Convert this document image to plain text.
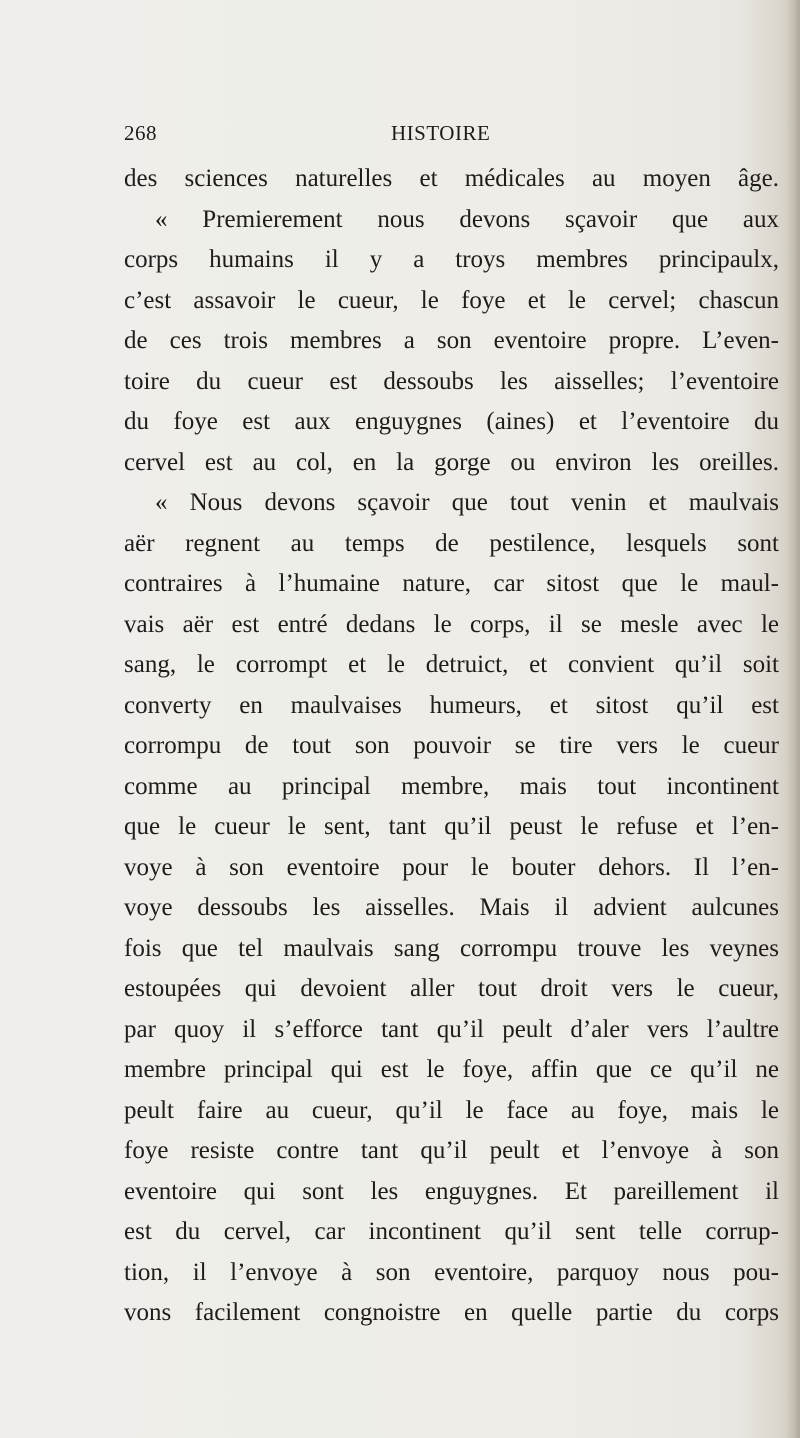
268	HISTOIRE
des sciences naturelles et médicales au moyen âge.
« Premierement nous devons sçavoir que aux
corps humains il y a troys membres principaulx,
c’est assavoir le cueur, le foye et le cervel; chascun
de ces trois membres a son eventoire propre. L’even-
toire du cueur est dessoubs les aisselles; l’eventoire
du foye est aux enguygnes (aines) et l’eventoire du
cervel est au col, en la gorge ou environ les oreilles.
« Nous devons sçavoir que tout venin et maulvais
aër regnent au temps de pestilence, lesquels sont
contraires à l’humaine nature, car sitost que le maul-
vais aër est entré dedans le corps, il se mesle avec le
sang, le corrompt et le detruict, et convient qu’il soit
converty en maulvaises humeurs, et sitost qu’il est
corrompu de tout son pouvoir se tire vers le cueur
comme au principal membre, mais tout incontinent
que le cueur le sent, tant qu’il peust le refuse et l’en-
voye à son eventoire pour le bouter dehors. Il l’en-
voye dessoubs les aisselles. Mais il advient aulcunes
fois que tel maulvais sang corrompu trouve les veynes
estoupées qui devoient aller tout droit vers le cueur,
par quoy il s’efforce tant qu’il peult d’aler vers l’aultre
membre principal qui est le foye, affin que ce qu’il ne
peult faire au cueur, qu’il le face au foye, mais le
foye resiste contre tant qu’il peult et l’envoye à son
eventoire qui sont les enguygnes. Et pareillement il
est du cervel, car incontinent qu’il sent telle corrup-
tion, il l’envoye à son eventoire, parquoy nous pou-
vons facilement congnoistre en quelle partie du corps
